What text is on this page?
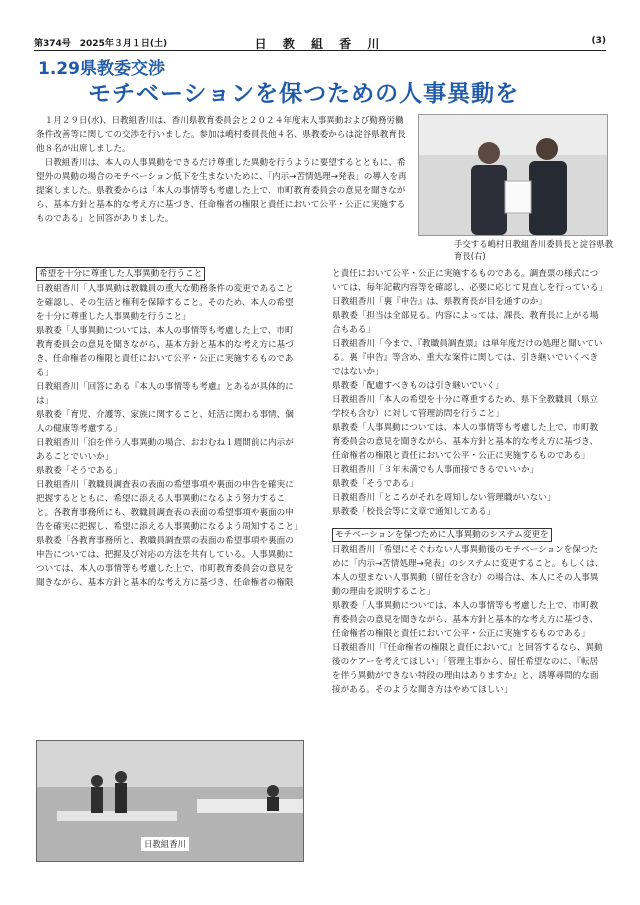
第374号　2025年３月１日(土)	日 教 組 香 川	(3)
1.29県教委交渉
モチベーションを保つための人事異動を

１月２９日(水)、日教組香川は、香川県教育委員会と２０２４年度末人事異動および勤務労働条件改善等に関しての交渉を行いました。参加は嶋村委員長他４名、県教委からは淀谷県教育長他８名が出席しました。

日教組香川は、本人の人事異動をできるだけ尊重した異動を行うように要望するとともに、希望外の異動の場合のモチベーション低下を生まないために、「内示→苦情処理→発表」の導入を再提案しました。県教委からは「本人の事情等も考慮した上で、市町教育委員会の意見を聞きながら、基本方針と基本的な考え方に基づき、任命権者の権限と責任において公平・公正に実施するものである」と回答がありました。

手交する嶋村日教組香川委員長と淀谷県教育長(右)
希望を十分に尊重した人事異動を行うこと

日教組香川「人事異動は教職員の重大な勤務条件の変更であることを確認し、その生活と権利を保障すること。そのため、本人の希望を十分に尊重した人事異動を行うこと」

県教委「人事異動については、本人の事情等も考慮した上で、市町教育委員会の意見を聞きながら、基本方針と基本的な考え方に基づき、任命権者の権限と責任において公平・公正に実施するものである」

日教組香川「回答にある『本人の事情等も考慮』とあるが具体的には」

県教委「育児、介護等、家族に関すること、妊活に関わる事情、個人の健康等考慮する」

日教組香川「泊を伴う人事異動の場合、おおむね１週間前に内示があることでいいか」

県教委「そうである」

日教組香川「教職員調査表の表面の希望事項や裏面の申告を確実に把握するとともに、希望に添える人事異動になるよう努力すること。各教育事務所にも、教職員調査表の表面の希望事項や裏面の申告を確実に把握し、希望に添える人事異動になるよう周知すること」

県教委「各教育事務所と、教職員調査票の表面の希望事項や裏面の申告については、把握及び対応の方法を共有している。人事異動については、本人の事情等も考慮した上で、市町教育委員会の意見を聞きながら、基本方針と基本的な考え方に基づき、任命権者の権限

日教組香川

と責任において公平・公正に実施するものである。調査票の様式については、毎年記載内容等を確認し、必要に応じて見直しを行っている」

日教組香川「裏『申告』は、県教育長が目を通すのか」

県教委「担当は全部見る。内容によっては、課長、教育長に上がる場合もある」

日教組香川「今まで、『教職員調査票』は単年度だけの処理と聞いている。裏『申告』等含め、重大な案件に関しては、引き継いでいくべきではないか」

県教委「配慮すべきものは引き継いでいく」

日教組香川「本人の希望を十分に尊重するため、県下全教職員（県立学校も含む）に対して管理訪問を行うこと」

県教委「人事異動については、本人の事情等も考慮した上で、市町教育委員会の意見を聞きながら、基本方針と基本的な考え方に基づき、任命権者の権限と責任において公平・公正に実施するものである」

日教組香川「３年未満でも人事面接できるでいいか」

県教委「そうである」

日教組香川「ところがそれを周知しない管理職がいない」

県教委「校長会等に文章で通知してある」

モチベーションを保つために人事異動のシステム変更を

日教組香川「希望にそぐわない人事異動後のモチベーションを保つために「内示→苦情処理→発表」のシステムに変更すること。もしくは、本人の望まない人事異動（留任を含む）の場合は、本人にその人事異動の理由を説明すること」

県教委「人事異動については、本人の事情等も考慮した上で、市町教育委員会の意見を聞きながら、基本方針と基本的な考え方に基づき、任命権者の権限と責任において公平・公正に実施するものである」

日教組香川「『任命権者の権限と責任において』と回答するなら、異動後のケアーを考えてほしい」「管理主事から、留任希望なのに、『転居を伴う異動ができない特段の理由はありますか』と、誘導尋問的な面接がある。そのような聞き方はやめてほしい」
